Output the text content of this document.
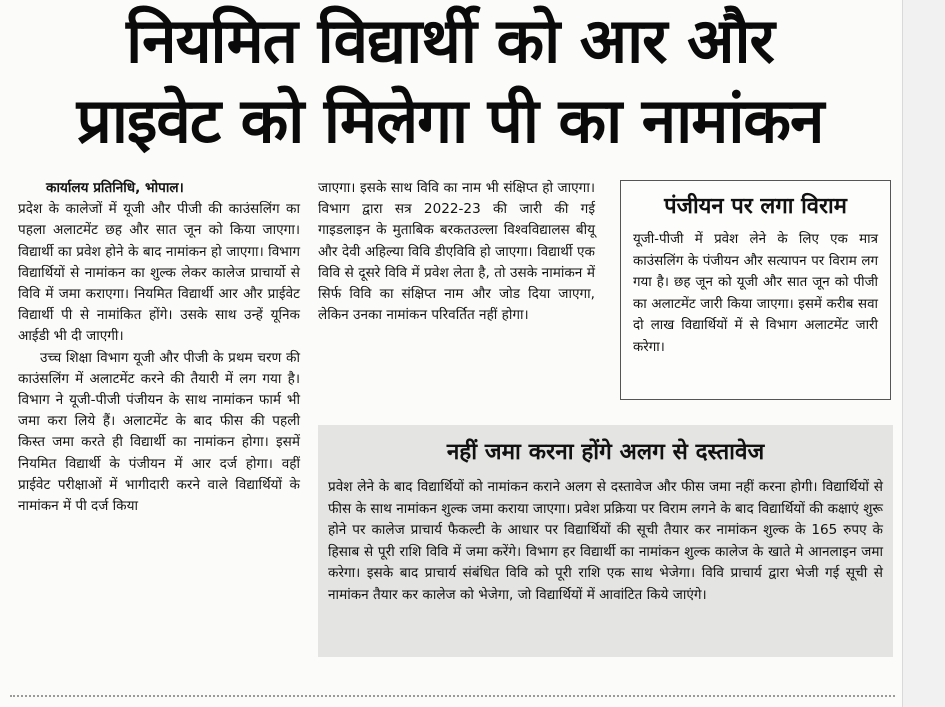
नियमित विद्यार्थी को आर और
प्राइवेट को मिलेगा पी का नामांकन

कार्यालय प्रतिनिधि, भोपाल।

प्रदेश के कालेजों में यूजी और पीजी की काउंसलिंग का पहला अलाटमेंट छह और सात जून को किया जाएगा। विद्यार्थी का प्रवेश होने के बाद नामांकन हो जाएगा। विभाग विद्यार्थियों से नामांकन का शुल्क लेकर कालेज प्राचार्यो से विवि में जमा कराएगा। नियमित विद्यार्थी आर और प्राईवेट विद्यार्थी पी से नामांकित होंगे। उसके साथ उन्हें यूनिक आईडी भी दी जाएगी।

उच्च शिक्षा विभाग यूजी और पीजी के प्रथम चरण की काउंसलिंग में अलाटमेंट करने की तैयारी में लग गया है। विभाग ने यूजी-पीजी पंजीयन के साथ नामांकन फार्म भी जमा करा लिये हैं। अलाटमेंट के बाद फीस की पहली किस्त जमा करते ही विद्यार्थी का नामांकन होगा। इसमें नियमित विद्यार्थी के पंजीयन में आर दर्ज होगा। वहीं प्राईवेट परीक्षाओं में भागीदारी करने वाले विद्यार्थियों के नामांकन में पी दर्ज किया

जाएगा। इसके साथ विवि का नाम भी संक्षिप्त हो जाएगा। विभाग द्वारा सत्र 2022-23 की जारी की गई गाइडलाइन के मुताबिक बरकतउल्ला विश्वविद्यालस बीयू और देवी अहिल्या विवि डीएविवि हो जाएगा। विद्यार्थी एक विवि से दूसरे विवि में प्रवेश लेता है, तो उसके नामांकन में सिर्फ विवि का संक्षिप्त नाम और जोड दिया जाएगा, लेकिन उनका नामांकन परिवर्तित नहीं होगा।

पंजीयन पर लगा विराम
यूजी-पीजी में प्रवेश लेने के लिए एक मात्र काउंसलिंग के पंजीयन और सत्यापन पर विराम लग गया है। छह जून को यूजी और सात जून को पीजी का अलाटमेंट जारी किया जाएगा। इसमें करीब सवा दो लाख विद्यार्थियों में से विभाग अलाटमेंट जारी करेगा।
नहीं जमा करना होंगे अलग से दस्तावेज
प्रवेश लेने के बाद विद्यार्थियों को नामांकन कराने अलग से दस्तावेज और फीस जमा नहीं करना होगी। विद्यार्थियों से फीस के साथ नामांकन शुल्क जमा कराया जाएगा। प्रवेश प्रक्रिया पर विराम लगने के बाद विद्यार्थियों की कक्षाएं शुरू होने पर कालेज प्राचार्य फैकल्टी के आधार पर विद्यार्थियों की सूची तैयार कर नामांकन शुल्क के 165 रुपए के हिसाब से पूरी राशि विवि में जमा करेंगे। विभाग हर विद्यार्थी का नामांकन शुल्क कालेज के खाते मे आनलाइन जमा करेगा। इसके बाद प्राचार्य संबंधित विवि को पूरी राशि एक साथ भेजेगा। विवि प्राचार्य द्वारा भेजी गई सूची से नामांकन तैयार कर कालेज को भेजेगा, जो विद्यार्थियों में आवांटित किये जाएंगे।
